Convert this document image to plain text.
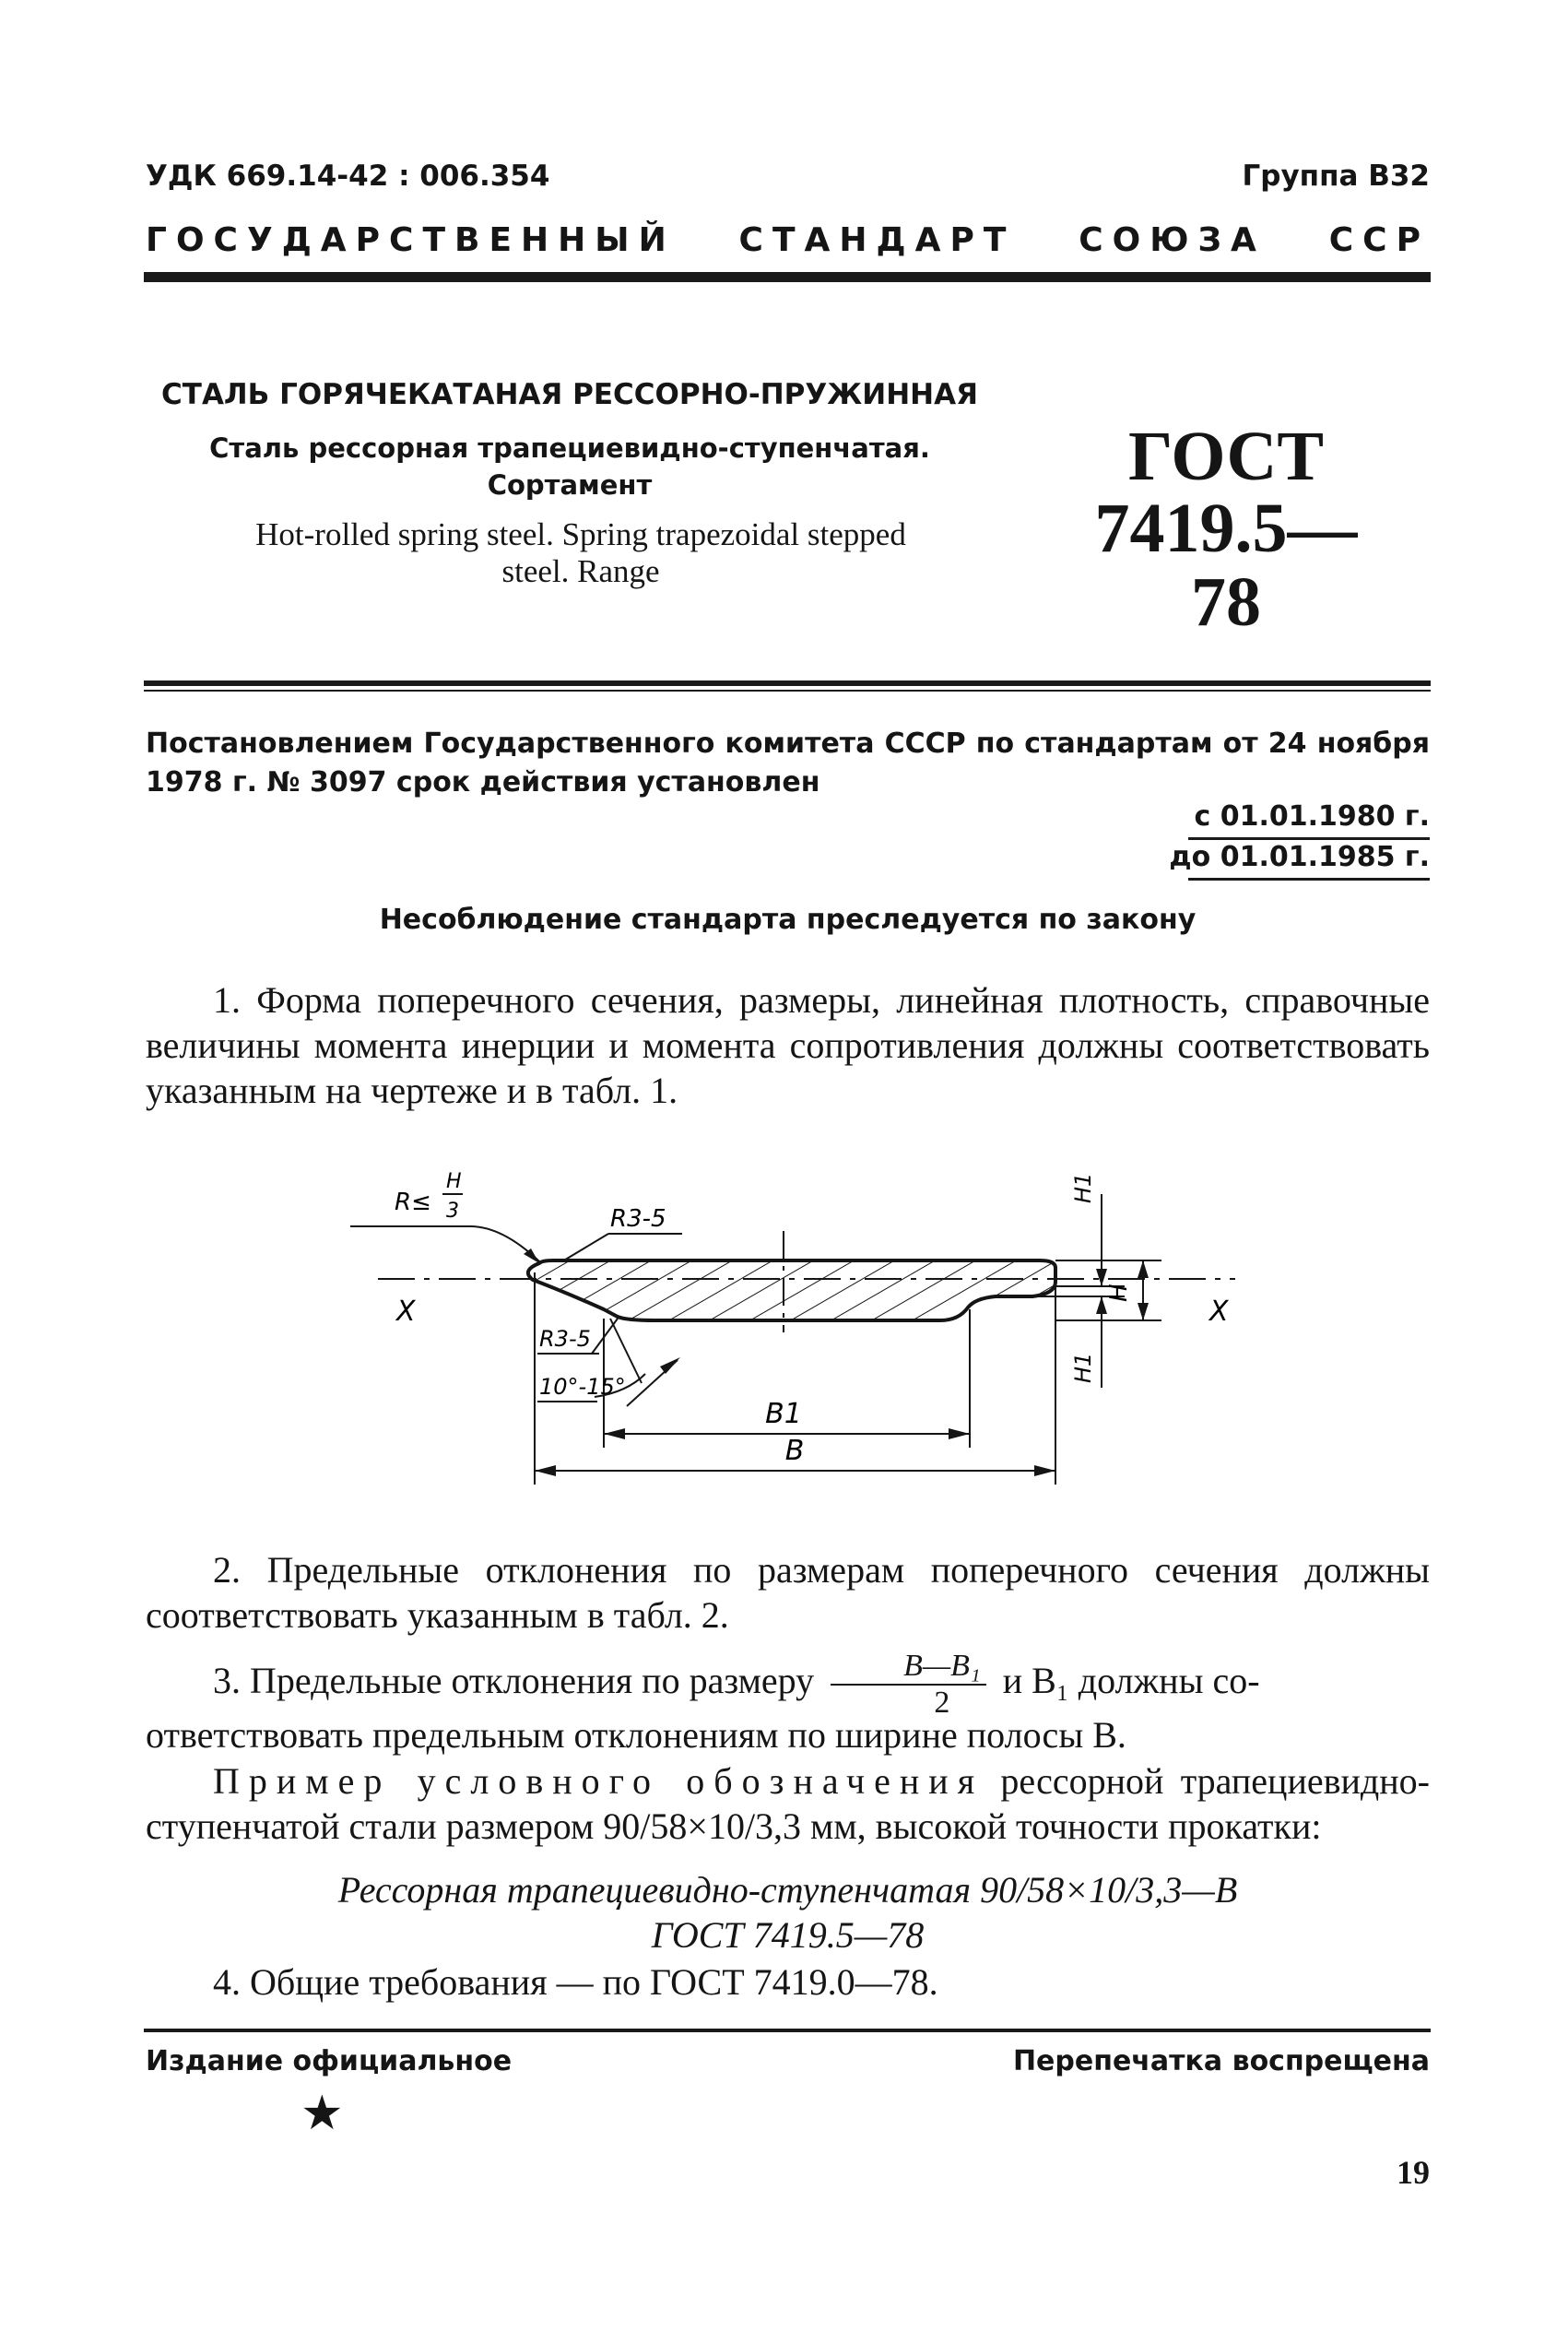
УДК 669.14-42 : 006.354	Группа В32
ГОСУДАРСТВЕННЫЙ СТАНДАРТ СОЮЗА ССР
СТАЛЬ ГОРЯЧЕКАТАНАЯ РЕССОРНО-ПРУЖИННАЯ
Сталь рессорная трапециевидно-ступенчатая.
Сортамент
Hot-rolled spring steel. Spring trapezoidal stepped
steel. Range
ГОСТ
7419.5—78
Постановлением Государственного комитета СССР по стандартам от 24 ноября 1978 г. № 3097 срок действия установлен
с 01.01.1980 г.
до 01.01.1985 г.
Несоблюдение стандарта преследуется по закону
1. Форма поперечного сечения, размеры, линейная плотность, справочные величины момента инерции и момента сопротивления должны соответствовать указанным на чертеже и в табл. 1.
B1
B
X	X
R≤
H
3	R3-5
R3-5
10°-15°
H
H1
H1
2. Предельные отклонения по размерам поперечного сечения должны соответствовать указанным в табл. 2.
3. Предельные отклонения по размеру $\frac{\text{B—B₁}}{2}$ и B₁ должны со-
ответствовать предельным отклонениям по ширине полосы В.
Пример условного обозначения рессорной трапециевидно-ступенчатой стали размером 90/58×10/3,3 мм, высокой точности прокатки:
Рессорная трапециевидно-ступенчатая 90/58×10/3,3—В
ГОСТ 7419.5—78
4. Общие требования — по ГОСТ 7419.0—78.
Издание официальное	Перепечатка воспрещена
★
19
